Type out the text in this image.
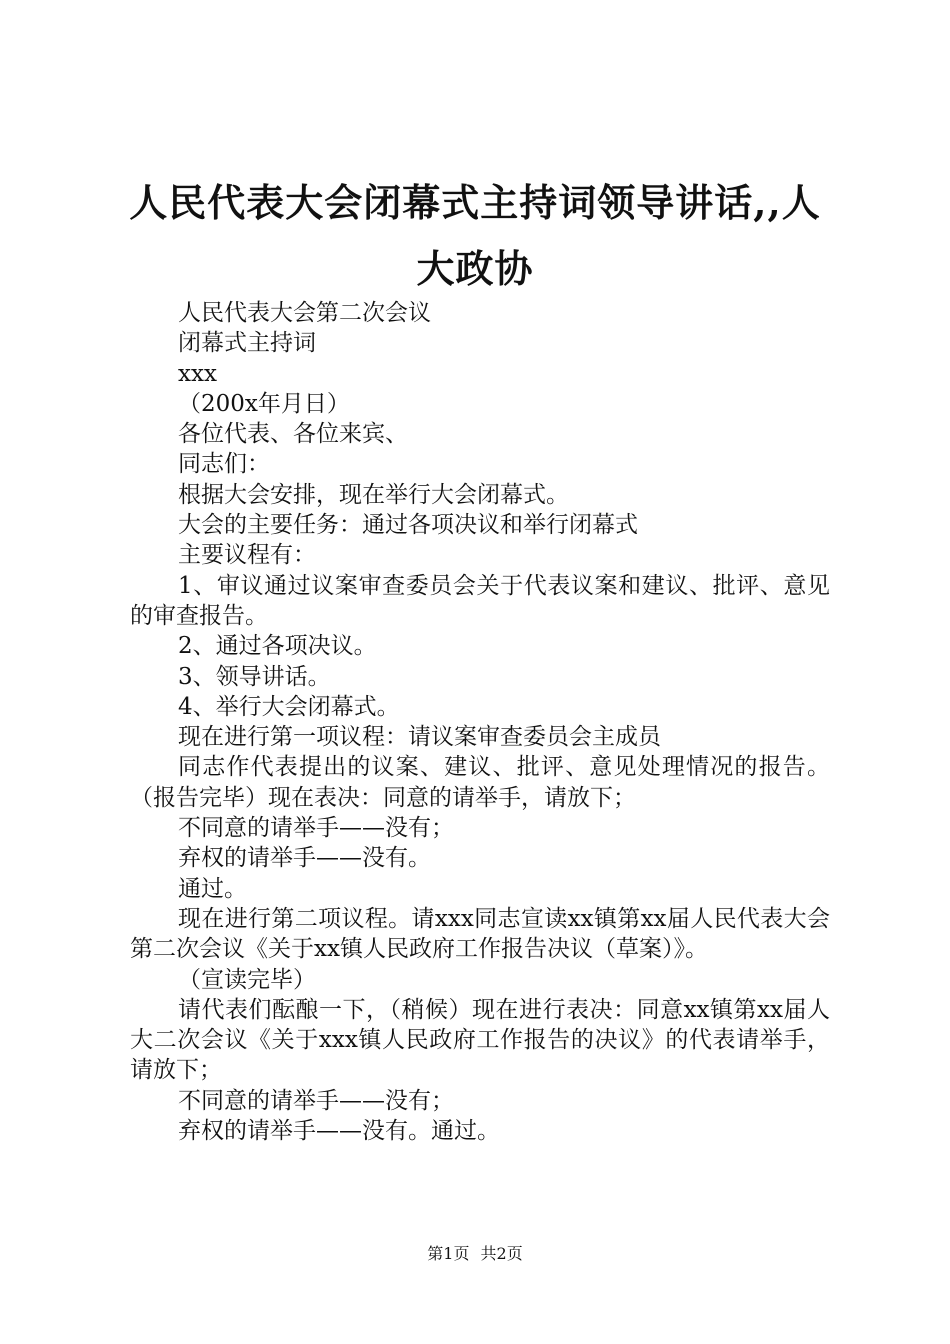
人民代表大会闭幕式主持词领导讲话,,人大政协

人民代表大会第二次会议

闭幕式主持词

xxx

（200x年月日）

各位代表、各位来宾、

同志们：

根据大会安排，现在举行大会闭幕式。

大会的主要任务：通过各项决议和举行闭幕式

主要议程有：

1、审议通过议案审查委员会关于代表议案和建议、批评、意见的审查报告。

2、通过各项决议。

3、领导讲话。

4、举行大会闭幕式。

现在进行第一项议程：请议案审查委员会主成员

同志作代表提出的议案、建议、批评、意见处理情况的报告。（报告完毕）现在表决：同意的请举手，请放下；

不同意的请举手——没有；

弃权的请举手——没有。

通过。

现在进行第二项议程。请xxx同志宣读xx镇第xx届人民代表大会第二次会议《关于xx镇人民政府工作报告决议（草案）》。

（宣读完毕）

请代表们酝酿一下，（稍候）现在进行表决：同意xx镇第xx届人大二次会议《关于xxx镇人民政府工作报告的决议》的代表请举手，请放下；

不同意的请举手——没有；

弃权的请举手——没有。通过。

第1页 共2页
